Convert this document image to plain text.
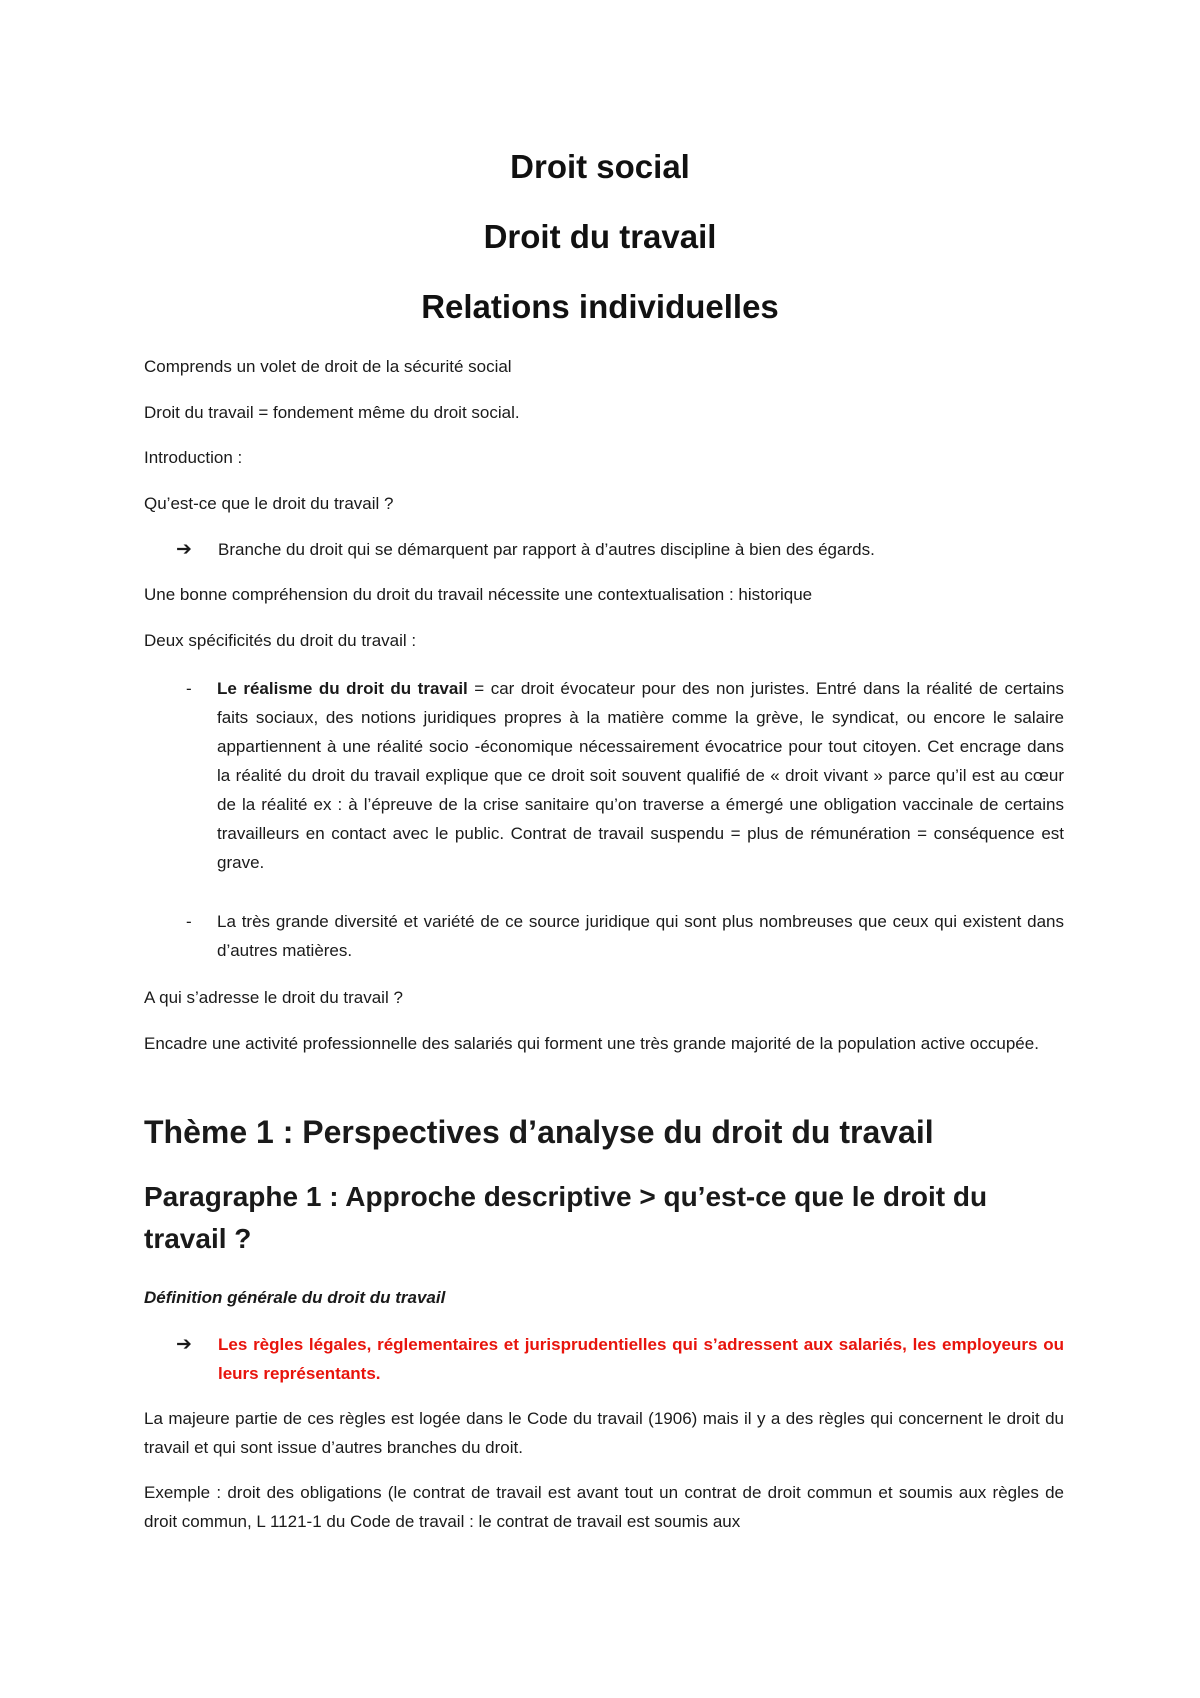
Droit social
Droit du travail
Relations individuelles

Comprends un volet de droit de la sécurité social

Droit du travail = fondement même du droit social.

Introduction :

Qu’est-ce que le droit du travail ?

➔ Branche du droit qui se démarquent par rapport à d’autres discipline à bien des égards.

Une bonne compréhension du droit du travail nécessite une contextualisation : historique

Deux spécificités du droit du travail :

- Le réalisme du droit du travail = car droit évocateur pour des non juristes. Entré dans la réalité de certains faits sociaux, des notions juridiques propres à la matière comme la grève, le syndicat, ou encore le salaire appartiennent à une réalité socio -économique nécessairement évocatrice pour tout citoyen. Cet encrage dans la réalité du droit du travail explique que ce droit soit souvent qualifié de « droit vivant » parce qu’il est au cœur de la réalité ex : à l’épreuve de la crise sanitaire qu’on traverse a émergé une obligation vaccinale de certains travailleurs en contact avec le public. Contrat de travail suspendu = plus de rémunération = conséquence est grave.
- La très grande diversité et variété de ce source juridique qui sont plus nombreuses que ceux qui existent dans d’autres matières.

A qui s’adresse le droit du travail ?

Encadre une activité professionnelle des salariés qui forment une très grande majorité de la population active occupée.

Thème 1 : Perspectives d’analyse du droit du travail
Paragraphe 1 : Approche descriptive > qu’est-ce que le droit du travail ?
Définition générale du droit du travail
➔ Les règles légales, réglementaires et jurisprudentielles qui s’adressent aux salariés, les employeurs ou leurs représentants.

La majeure partie de ces règles est logée dans le Code du travail (1906) mais il y a des règles qui concernent le droit du travail et qui sont issue d’autres branches du droit.

Exemple : droit des obligations (le contrat de travail est avant tout un contrat de droit commun et soumis aux règles de droit commun, L 1121-1 du Code de travail : le contrat de travail est soumis aux
